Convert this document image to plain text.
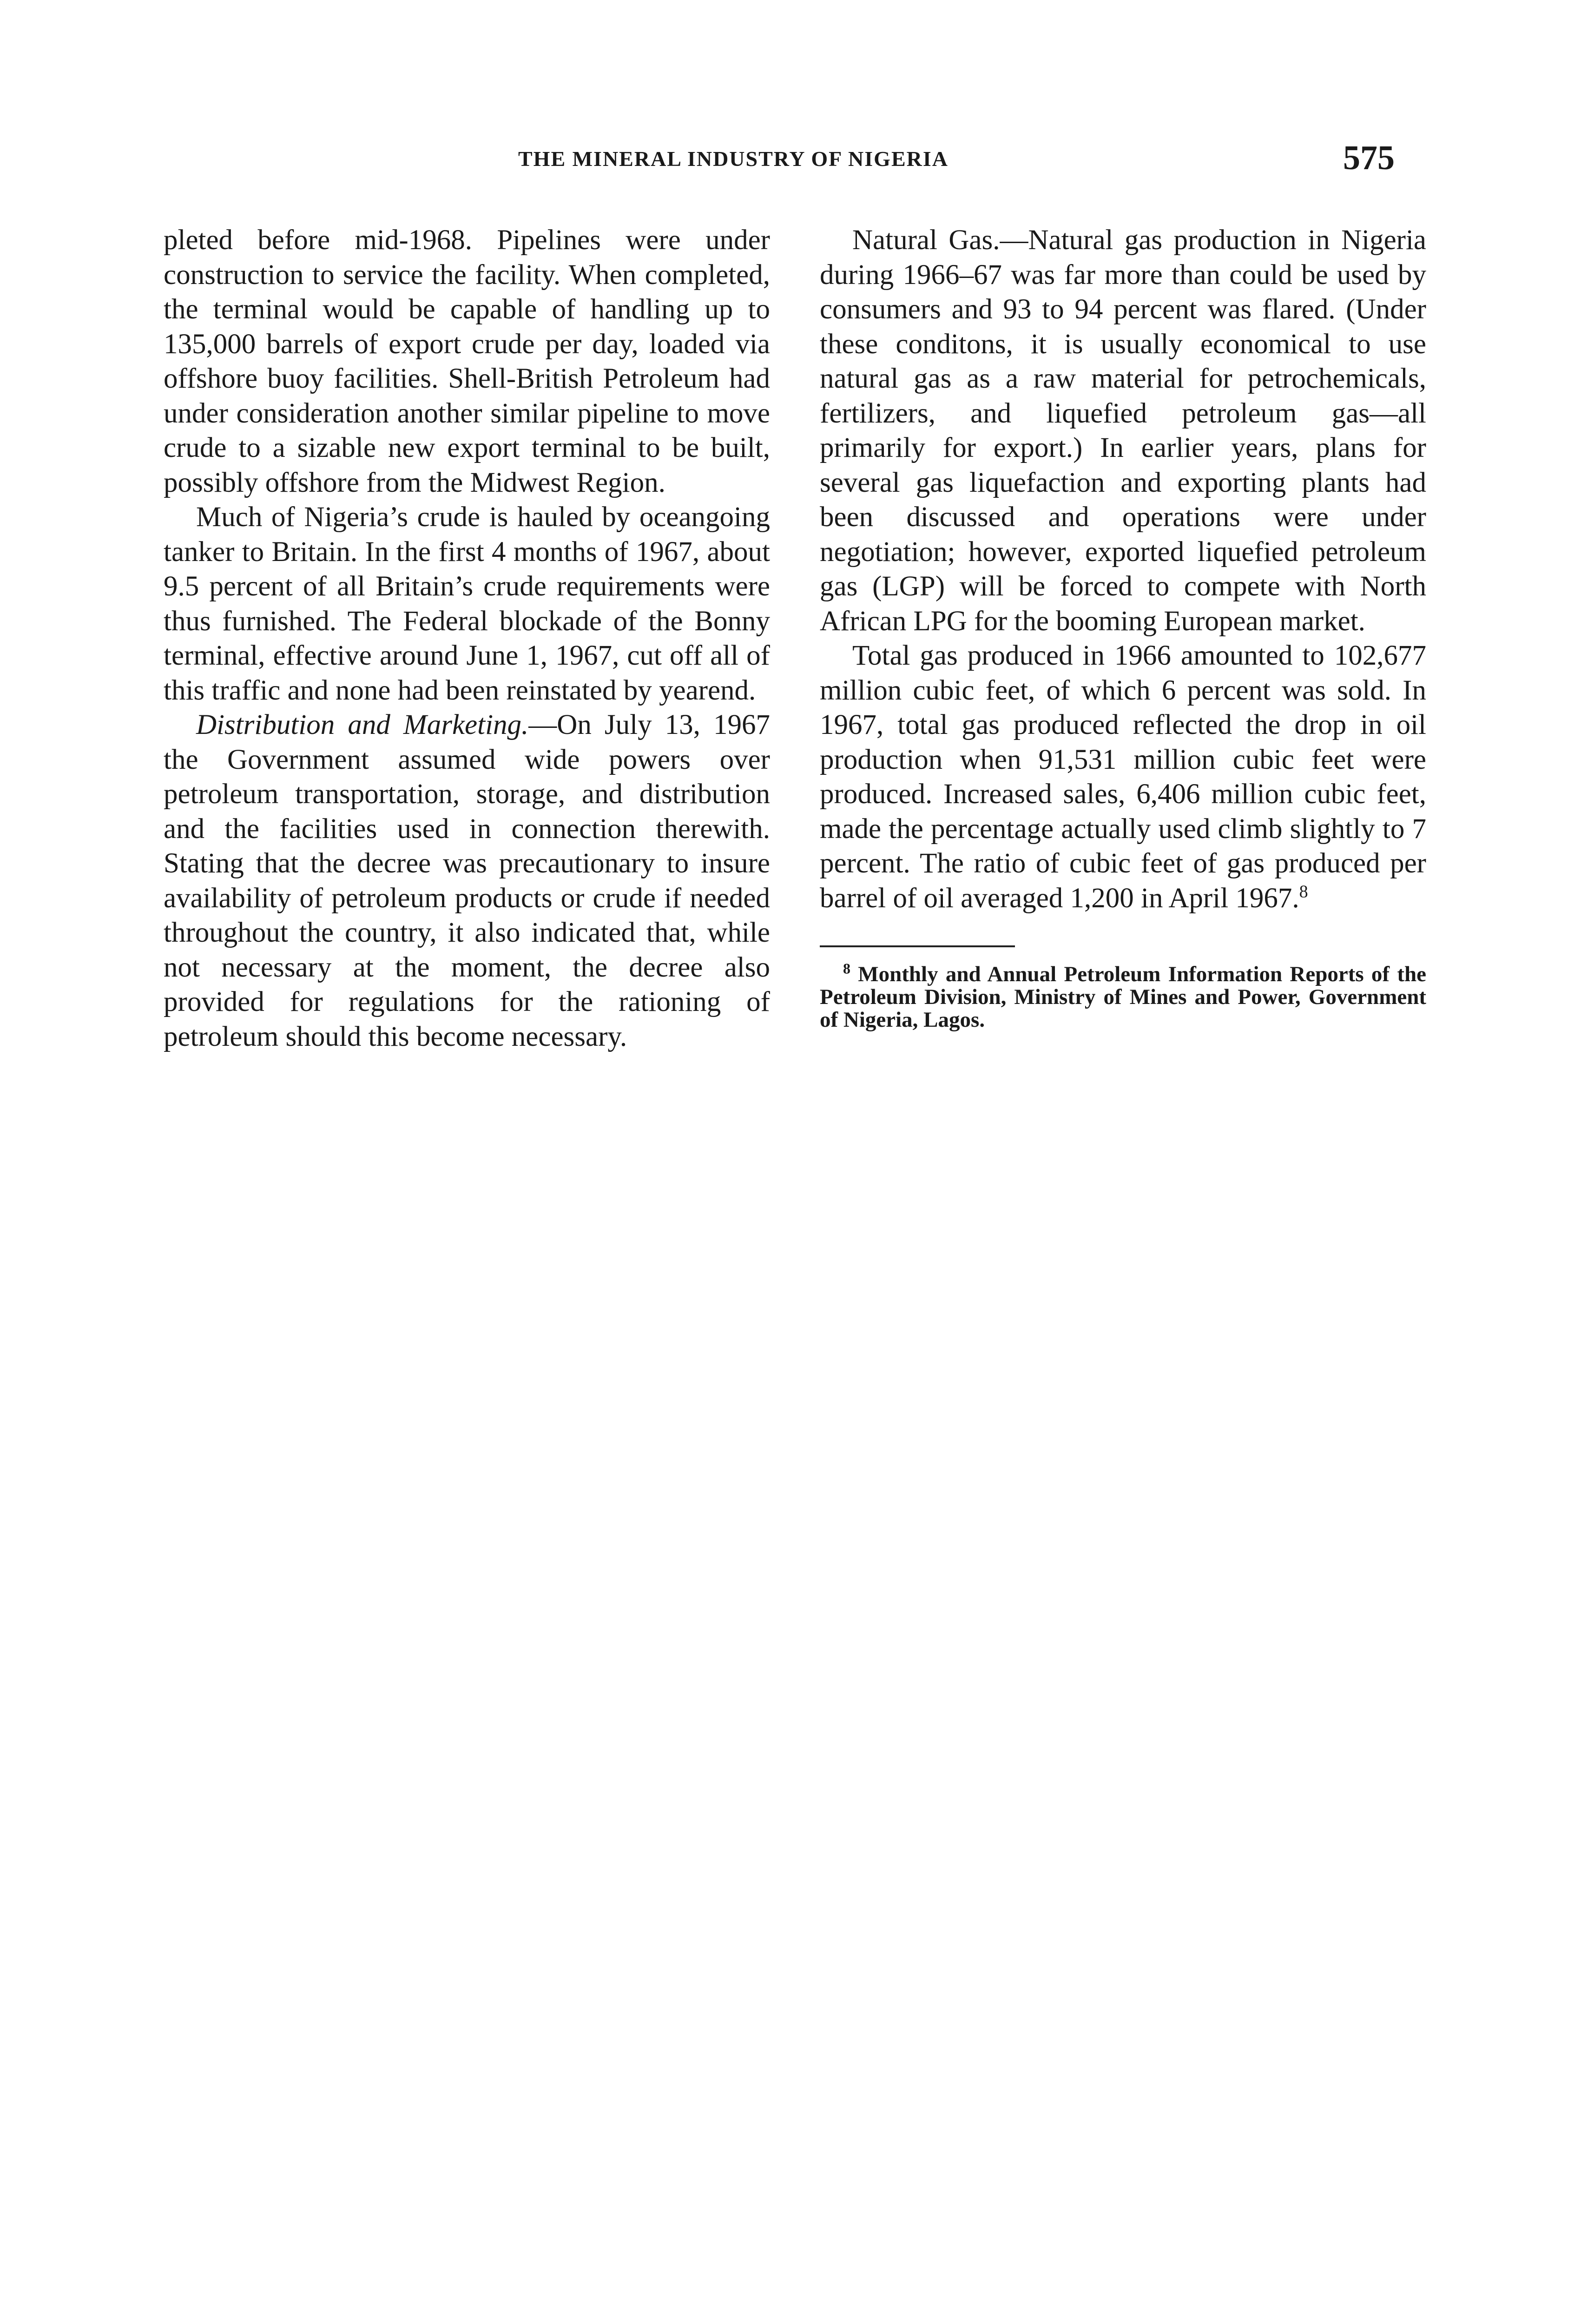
THE MINERAL INDUSTRY OF NIGERIA	575

pleted before mid-1968. Pipelines were under construction to service the facility. When completed, the terminal would be capable of handling up to 135,000 barrels of export crude per day, loaded via offshore buoy facilities. Shell-British Petroleum had under consideration another similar pipeline to move crude to a sizable new export terminal to be built, possibly offshore from the Midwest Region.

Much of Nigeria’s crude is hauled by oceangoing tanker to Britain. In the first 4 months of 1967, about 9.5 percent of all Britain’s crude requirements were thus furnished. The Federal blockade of the Bonny terminal, effective around June 1, 1967, cut off all of this traffic and none had been reinstated by yearend.

Distribution and Marketing.—On July 13, 1967 the Government assumed wide powers over petroleum transportation, storage, and distribution and the facilities used in connection therewith. Stating that the decree was precautionary to insure availability of petroleum products or crude if needed throughout the country, it also indicated that, while not necessary at the moment, the decree also provided for regulations for the rationing of petroleum should this become necessary.

Natural Gas.—Natural gas production in Nigeria during 1966–67 was far more than could be used by consumers and 93 to 94 percent was flared. (Under these conditons, it is usually economical to use natural gas as a raw material for petrochemicals, fertilizers, and liquefied petroleum gas—all primarily for export.) In earlier years, plans for several gas liquefaction and exporting plants had been discussed and operations were under negotiation; however, exported liquefied petroleum gas (LGP) will be forced to compete with North African LPG for the booming European market.

Total gas produced in 1966 amounted to 102,677 million cubic feet, of which 6 percent was sold. In 1967, total gas produced reflected the drop in oil production when 91,531 million cubic feet were produced. Increased sales, 6,406 million cubic feet, made the percentage actually used climb slightly to 7 percent. The ratio of cubic feet of gas produced per barrel of oil averaged 1,200 in April 1967.$^8$

$^8$ Monthly and Annual Petroleum Information Reports of the Petroleum Division, Ministry of Mines and Power, Government of Nigeria, Lagos.
